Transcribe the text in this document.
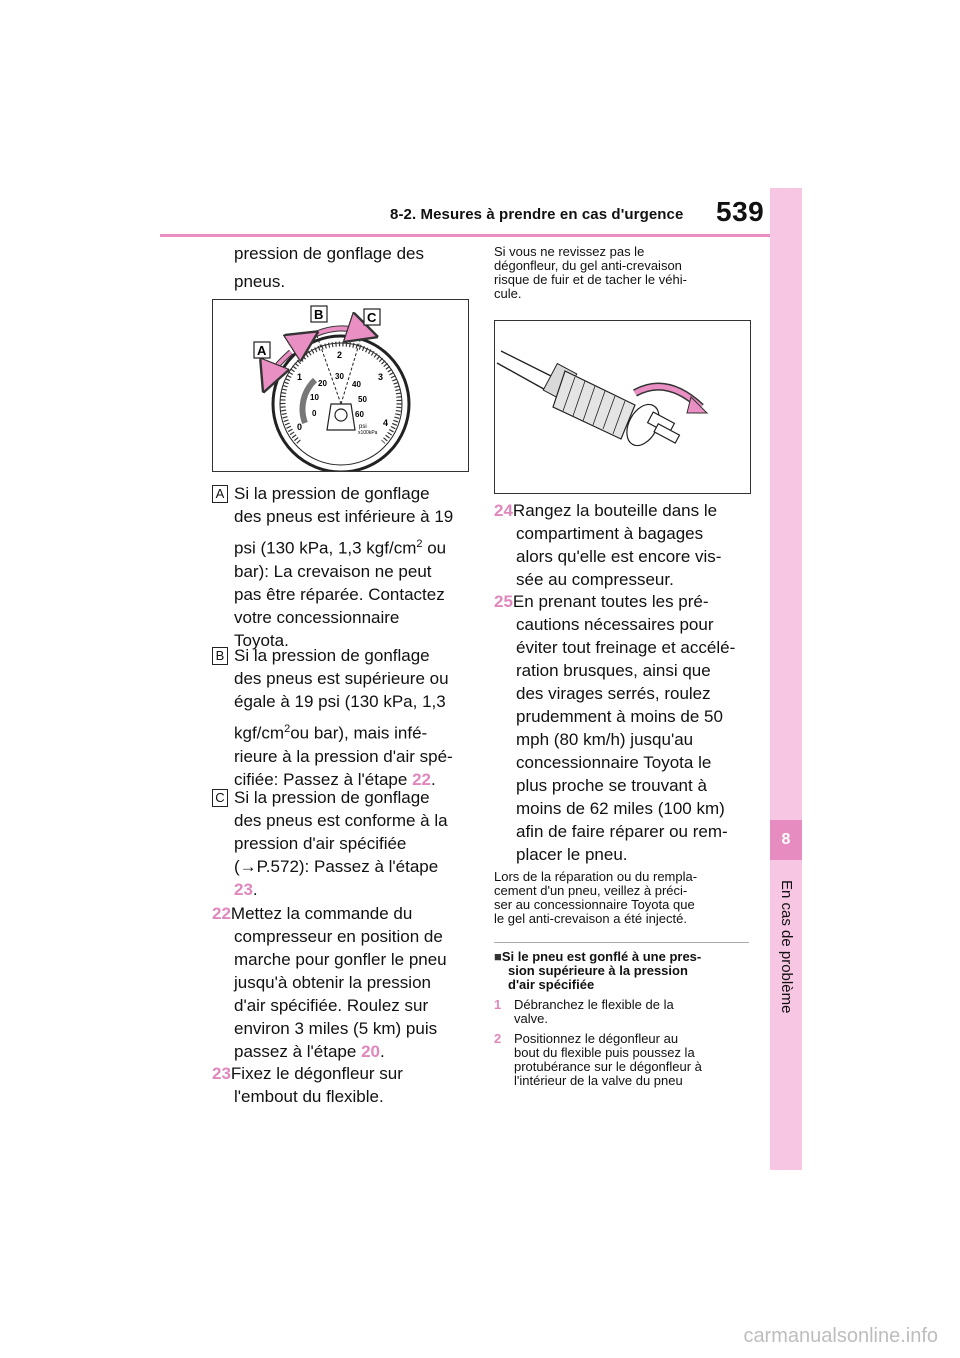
8-2. Mesures à prendre en cas d'urgence 539
8
En cas de problème
pression de gonflage des
pneus.
0
1
2
3
4
0
10
20
30
40
50
60
psi
x100kPa
B	C
A
A Si la pression de gonflage
des pneus est inférieure à 19
psi (130 kPa, 1,3 kgf/$cm^2$ ou
bar): La crevaison ne peut
pas être réparée. Contactez
votre concessionnaire
Toyota.
B Si la pression de gonflage
des pneus est supérieure ou
égale à 19 psi (130 kPa, 1,3
kgf/$cm^2ou$ bar), mais infé-
rieure à la pression d'air spé-
cifiée: Passez à l'étape 22.
C Si la pression de gonflage
des pneus est conforme à la
pression d'air spécifiée
(→P.572): Passez à l'étape
23.
22Mettez la commande du
compresseur en position de
marche pour gonfler le pneu
jusqu'à obtenir la pression
d'air spécifiée. Roulez sur
environ 3 miles (5 km) puis
passez à l'étape 20.
23Fixez le dégonfleur sur
l'embout du flexible.
Si vous ne revissez pas le
dégonfleur, du gel anti-crevaison
risque de fuir et de tacher le véhi-
cule.
24Rangez la bouteille dans le
compartiment à bagages
alors qu'elle est encore vis-
sée au compresseur.
25En prenant toutes les pré-
cautions nécessaires pour
éviter tout freinage et accélé-
ration brusques, ainsi que
des virages serrés, roulez
prudemment à moins de 50
mph (80 km/h) jusqu'au
concessionnaire Toyota le
plus proche se trouvant à
moins de 62 miles (100 km)
afin de faire réparer ou rem-
placer le pneu.
Lors de la réparation ou du rempla-
cement d'un pneu, veillez à préci-
ser au concessionnaire Toyota que
le gel anti-crevaison a été injecté.
■Si le pneu est gonflé à une pres-
sion supérieure à la pression
d'air spécifiée
1 Débranchez le flexible de la
valve.
2 Positionnez le dégonfleur au
bout du flexible puis poussez la
protubérance sur le dégonfleur à
l'intérieur de la valve du pneu
carmanualsonline.info
